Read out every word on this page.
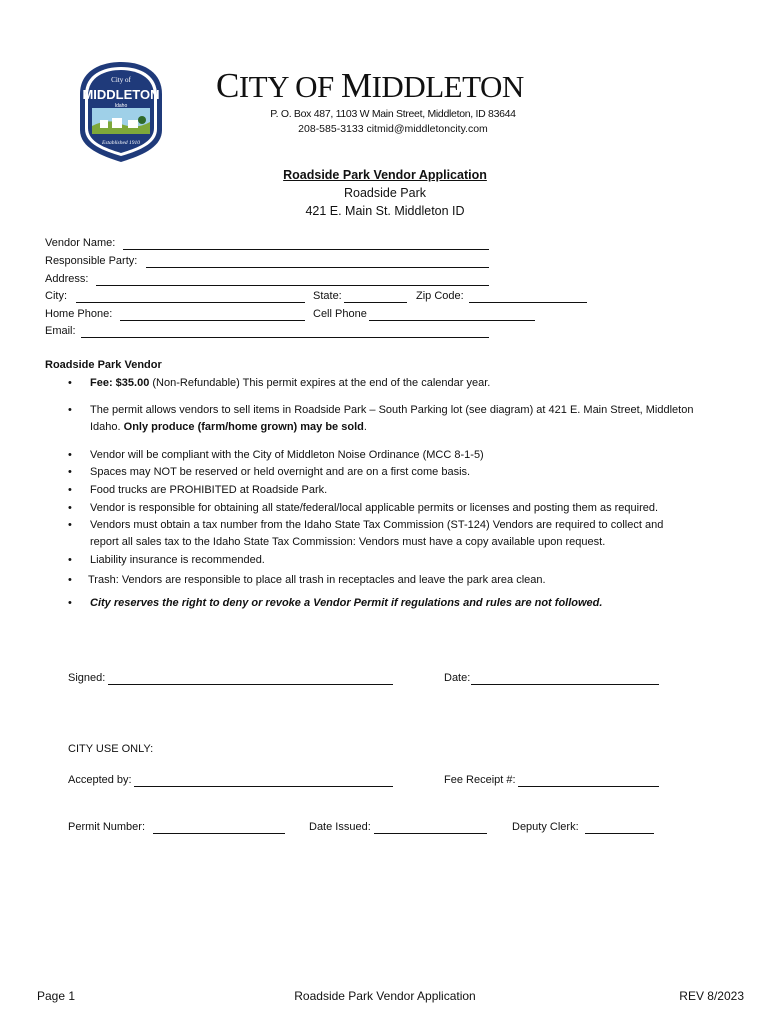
City of
MIDDLETON
Idaho
Established 1910
CITY OF MIDDLETON
P. O. Box 487, 1103 W Main Street, Middleton, ID 83644
208-585-3133 citmid@middletoncity.com
Roadside Park Vendor Application
Roadside Park
421 E. Main St. Middleton ID
Vendor Name:
Responsible Party:
Address:
City:	State:	Zip Code:
Home Phone:	Cell Phone
Email:
Roadside Park Vendor
• Fee: $35.00 (Non-Refundable) This permit expires at the end of the calendar year.
• The permit allows vendors to sell items in Roadside Park – South Parking lot (see diagram) at 421 E. Main Street, Middleton Idaho. Only produce (farm/home grown) may be sold.
• Vendor will be compliant with the City of Middleton Noise Ordinance (MCC 8-1-5)
• Spaces may NOT be reserved or held overnight and are on a first come basis.
• Food trucks are PROHIBITED at Roadside Park.
• Vendor is responsible for obtaining all state/federal/local applicable permits or licenses and posting them as required.
• Vendors must obtain a tax number from the Idaho State Tax Commission (ST-124) Vendors are required to collect and
report all sales tax to the Idaho State Tax Commission: Vendors must have a copy available upon request.
• Liability insurance is recommended.
• Trash: Vendors are responsible to place all trash in receptacles and leave the park area clean.
• City reserves the right to deny or revoke a Vendor Permit if regulations and rules are not followed.
Signed:	Date:
CITY USE ONLY:
Accepted by:	Fee Receipt #:
Permit Number:	Date Issued:	Deputy Clerk:
Page 1	Roadside Park Vendor Application	REV 8/2023
